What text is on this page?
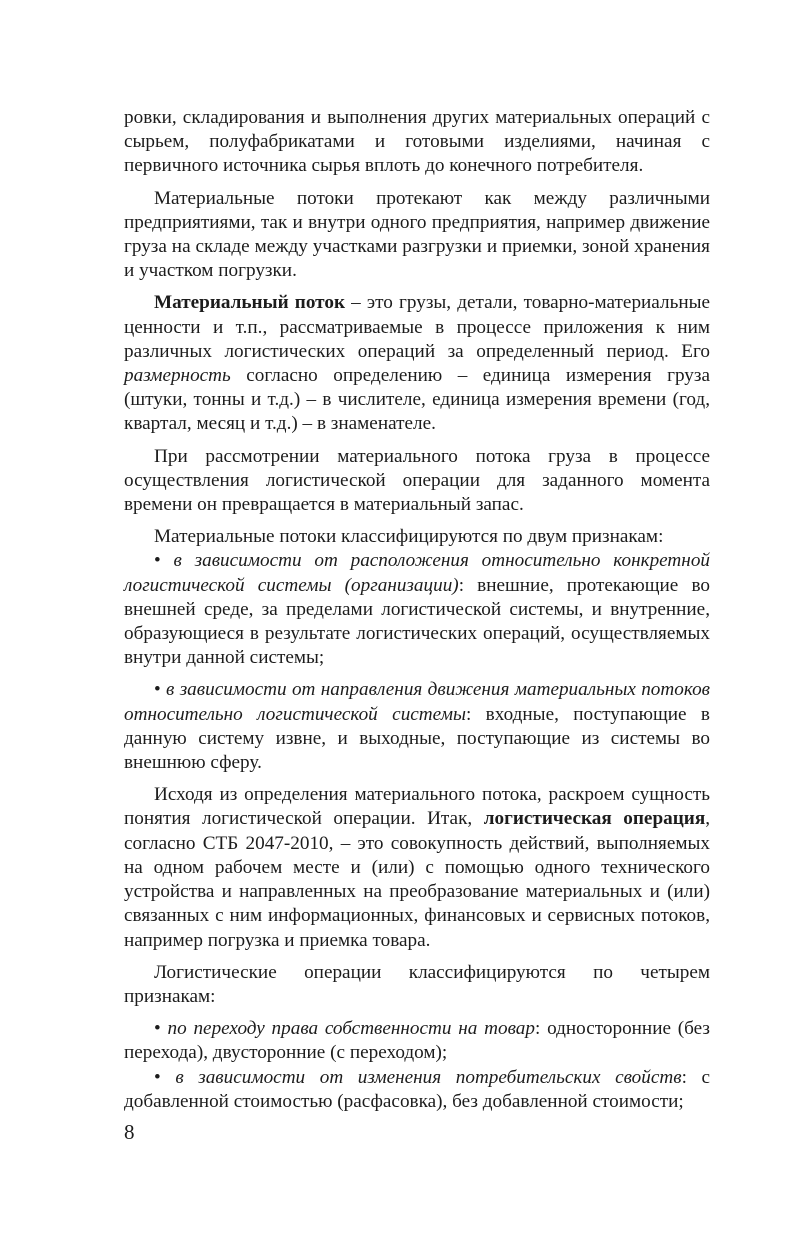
ровки, складирования и выполнения других материальных операций с сырьем, полуфабрикатами и готовыми изделиями, начиная с первичного источника сырья вплоть до конечного потребителя.

Материальные потоки протекают как между различными предприятиями, так и внутри одного предприятия, например движение груза на складе между участками разгрузки и приемки, зоной хранения и участком погрузки.

Материальный поток – это грузы, детали, товарно-материальные ценности и т.п., рассматриваемые в процессе приложения к ним различных логистических операций за определенный период. Его размерность согласно определению – единица измерения груза (штуки, тонны и т.д.) – в числителе, единица измерения времени (год, квартал, месяц и т.д.) – в знаменателе.

При рассмотрении материального потока груза в процессе осуществления логистической операции для заданного момента времени он превращается в материальный запас.

Материальные потоки классифицируются по двум признакам:

• в зависимости от расположения относительно конкретной логистической системы (организации): внешние, протекающие во внешней среде, за пределами логистической системы, и внутренние, образующиеся в результате логистических операций, осуществляемых внутри данной системы;

• в зависимости от направления движения материальных потоков относительно логистической системы: входные, поступающие в данную систему извне, и выходные, поступающие из системы во внешнюю сферу.

Исходя из определения материального потока, раскроем сущность понятия логистической операции. Итак, логистическая операция, согласно СТБ 2047-2010, – это совокупность действий, выполняемых на одном рабочем месте и (или) с помощью одного технического устройства и направленных на преобразование материальных и (или) связанных с ним информационных, финансовых и сервисных потоков, например погрузка и приемка товара.

Логистические операции классифицируются по четырем признакам:

• по переходу права собственности на товар: односторонние (без перехода), двусторонние (с переходом);

• в зависимости от изменения потребительских свойств: с добавленной стоимостью (расфасовка), без добавленной стоимости;

8
